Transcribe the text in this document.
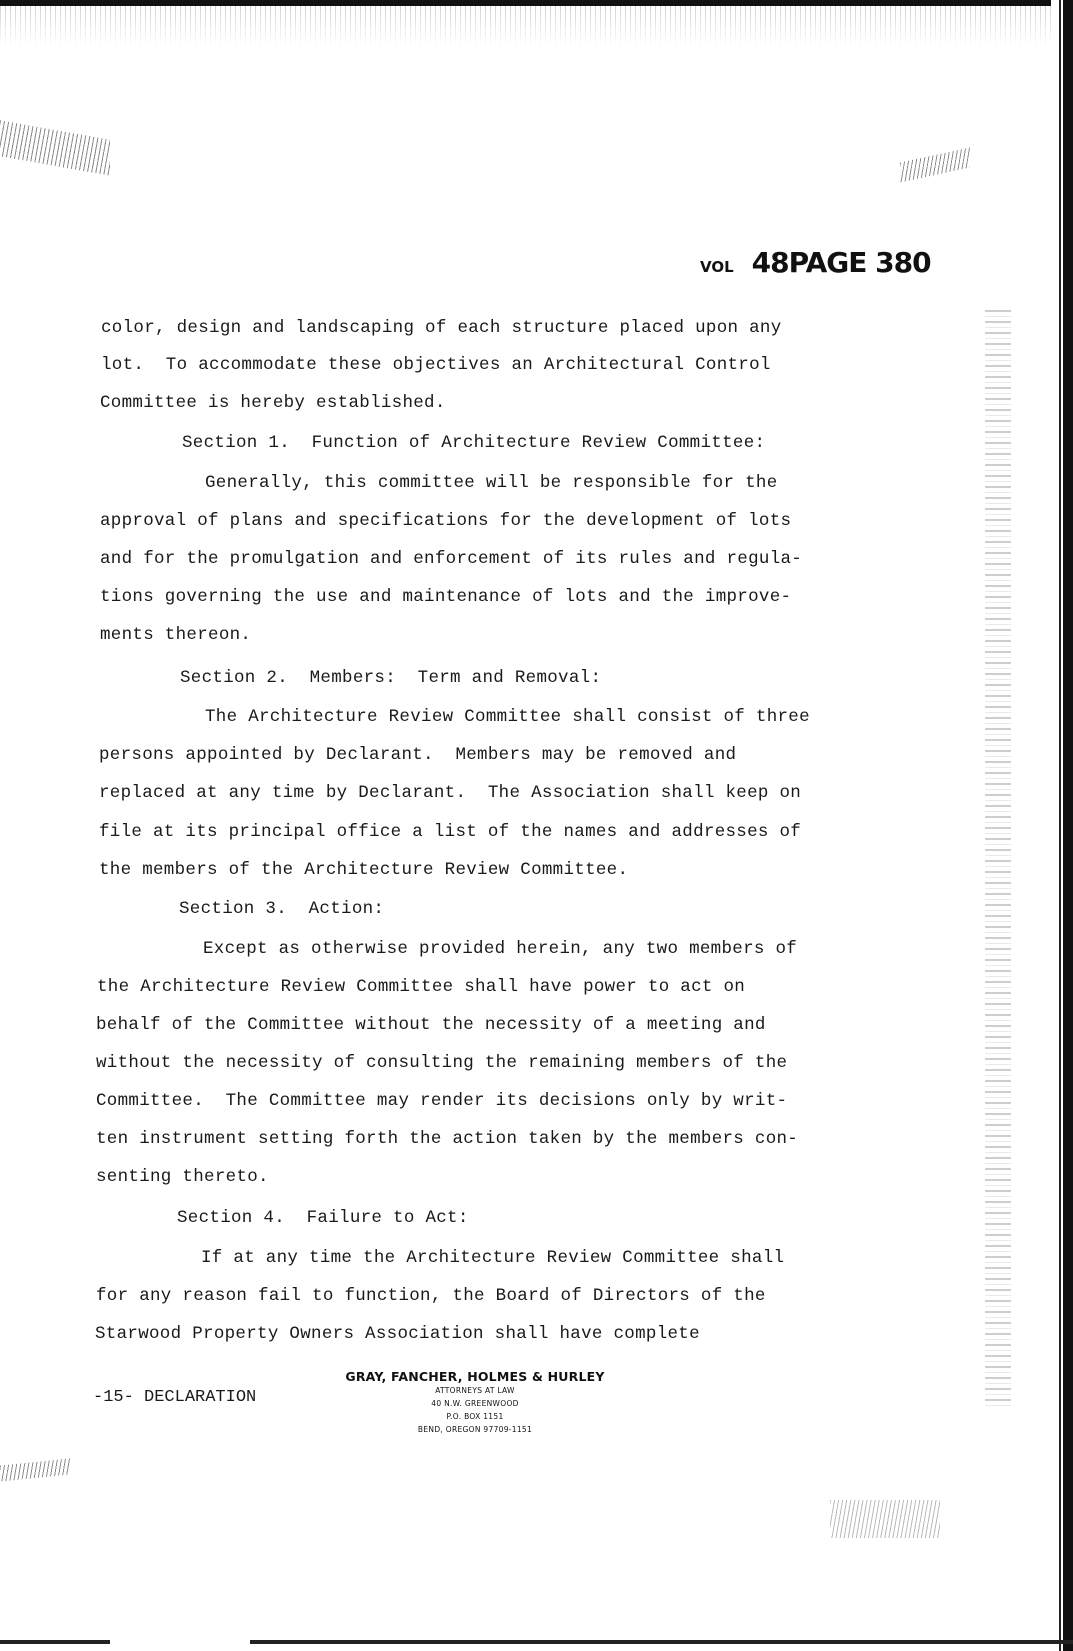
VOL 48PAGE 380
color, design and landscaping of each structure placed upon any
lot.  To accommodate these objectives an Architectural Control
Committee is hereby established.
Section 1.  Function of Architecture Review Committee:
Generally, this committee will be responsible for the
approval of plans and specifications for the development of lots
and for the promulgation and enforcement of its rules and regula-
tions governing the use and maintenance of lots and the improve-
ments thereon.
Section 2.  Members:  Term and Removal:
The Architecture Review Committee shall consist of three
persons appointed by Declarant.  Members may be removed and
replaced at any time by Declarant.  The Association shall keep on
file at its principal office a list of the names and addresses of
the members of the Architecture Review Committee.
Section 3.  Action:
Except as otherwise provided herein, any two members of
the Architecture Review Committee shall have power to act on
behalf of the Committee without the necessity of a meeting and
without the necessity of consulting the remaining members of the
Committee.  The Committee may render its decisions only by writ-
ten instrument setting forth the action taken by the members con-
senting thereto.
Section 4.  Failure to Act:
If at any time the Architecture Review Committee shall
for any reason fail to function, the Board of Directors of the
Starwood Property Owners Association shall have complete
-15- DECLARATION
GRAY, FANCHER, HOLMES & HURLEY
ATTORNEYS AT LAW
40 N.W. GREENWOOD
P.O. BOX 1151
BEND, OREGON 97709-1151
